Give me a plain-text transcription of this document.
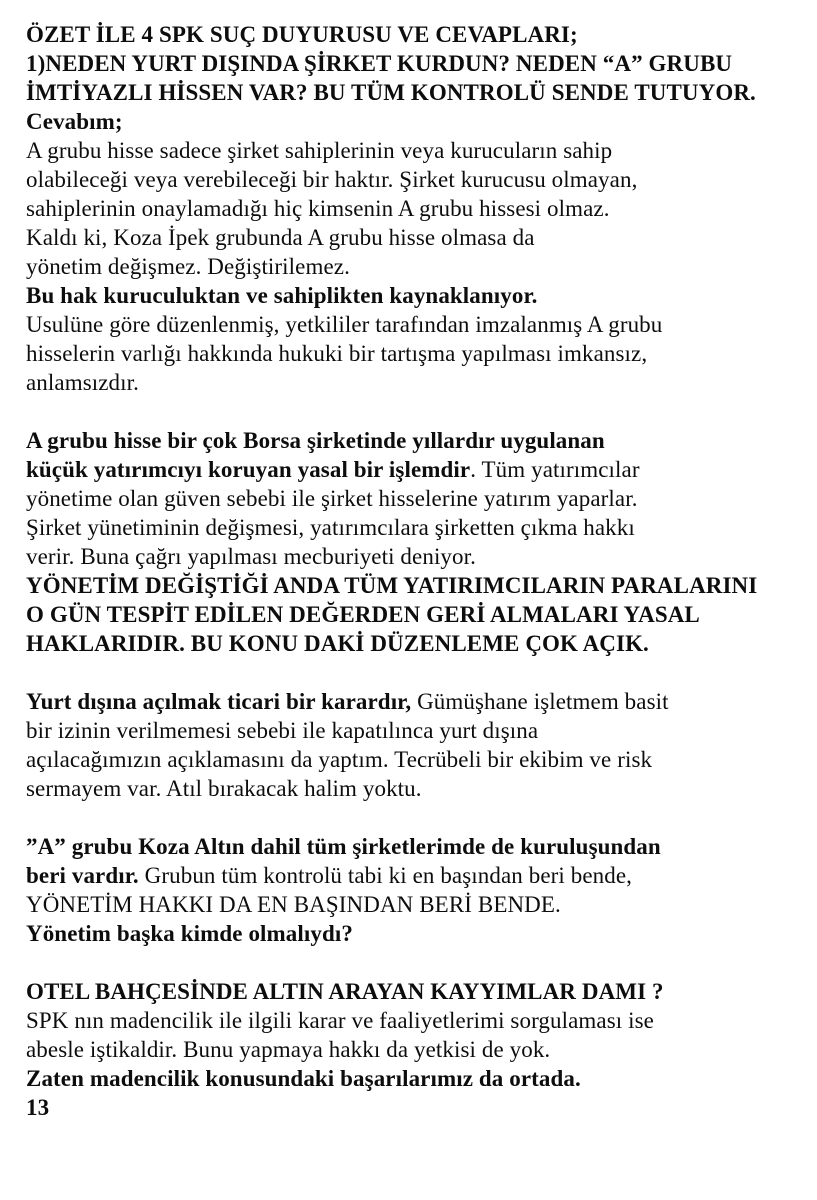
ÖZET İLE 4 SPK SUÇ DUYURUSU VE CEVAPLARI;
1)NEDEN YURT DIŞINDA ŞİRKET KURDUN? NEDEN “A” GRUBU
İMTİYAZLI HİSSEN VAR? BU TÜM KONTROLÜ SENDE TUTUYOR.
Cevabım;
A grubu hisse sadece şirket sahiplerinin veya kurucuların sahip
olabileceği veya verebileceği bir haktır. Şirket kurucusu olmayan,
sahiplerinin onaylamadığı hiç kimsenin A grubu hissesi olmaz.
Kaldı ki, Koza İpek grubunda A grubu hisse olmasa da
yönetim değişmez. Değiştirilemez.
Bu hak kuruculuktan ve sahiplikten kaynaklanıyor.
Usulüne göre düzenlenmiş, yetkililer tarafından imzalanmış A grubu
hisselerin varlığı hakkında hukuki bir tartışma yapılması imkansız,
anlamsızdır.
A grubu hisse bir çok Borsa şirketinde yıllardır uygulanan
küçük yatırımcıyı koruyan yasal bir işlemdir. Tüm yatırımcılar
yönetime olan güven sebebi ile şirket hisselerine yatırım yaparlar.
Şirket yünetiminin değişmesi, yatırımcılara şirketten çıkma hakkı
verir. Buna çağrı yapılması mecburiyeti deniyor.
YÖNETİM DEĞİŞTİĞİ ANDA TÜM YATIRIMCILARIN PARALARINI
O GÜN TESPİT EDİLEN DEĞERDEN GERİ ALMALARI YASAL
HAKLARIDIR. BU KONU DAKİ DÜZENLEME ÇOK AÇIK.
Yurt dışına açılmak ticari bir karardır, Gümüşhane işletmem basit
bir izinin verilmemesi sebebi ile kapatılınca yurt dışına
açılacağımızın açıklamasını da yaptım. Tecrübeli bir ekibim ve risk
sermayem var. Atıl bırakacak halim yoktu.
”A” grubu Koza Altın dahil tüm şirketlerimde de kuruluşundan
beri vardır. Grubun tüm kontrolü tabi ki en başından beri bende,
YÖNETİM HAKKI DA EN BAŞINDAN BERİ BENDE.
Yönetim başka kimde olmalıydı?
OTEL BAHÇESİNDE ALTIN ARAYAN KAYYIMLAR DAMI ?
SPK nın madencilik ile ilgili karar ve faaliyetlerimi sorgulaması ise
abesle iştikaldir. Bunu yapmaya hakkı da yetkisi de yok.
Zaten madencilik konusundaki başarılarımız da ortada.
13
